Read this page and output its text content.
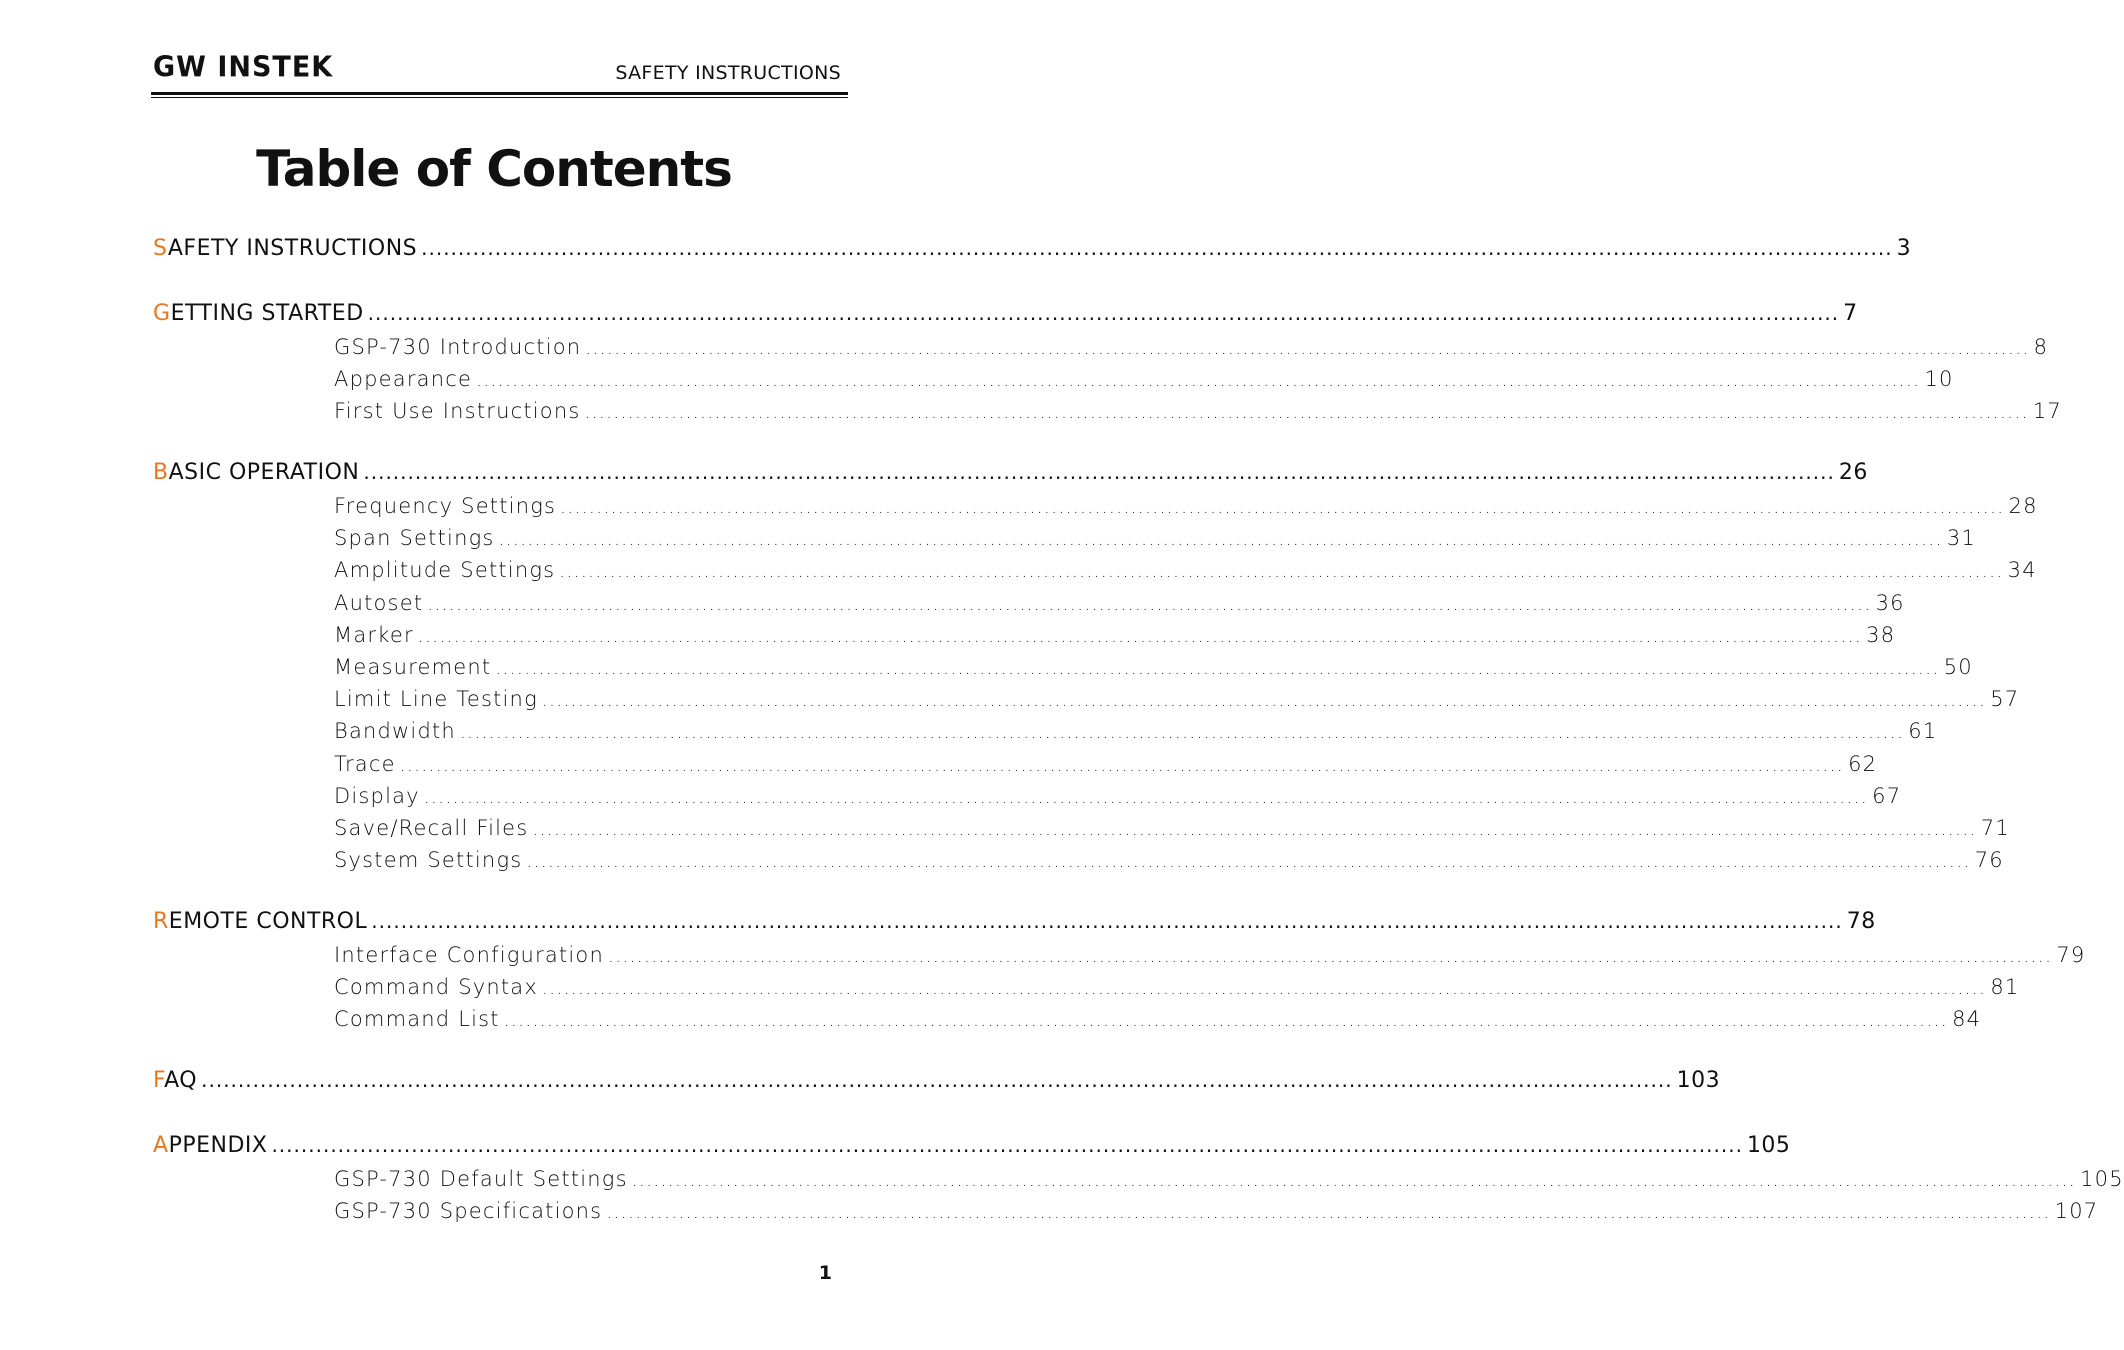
GW INSTEK	SAFETY INSTRUCTIONS
Table of Contents
SAFETY INSTRUCTIONS ........................................................................................................................................................................................................ 3
GETTING STARTED ........................................................................................................................................................................................................ 7
GSP-730 Introduction ........................................................................................................................................................................................................ 8
Appearance ........................................................................................................................................................................................................ 10
First Use Instructions ........................................................................................................................................................................................................ 17
BASIC OPERATION ........................................................................................................................................................................................................ 26
Frequency Settings ........................................................................................................................................................................................................ 28
Span Settings ........................................................................................................................................................................................................ 31
Amplitude Settings ........................................................................................................................................................................................................ 34
Autoset ........................................................................................................................................................................................................ 36
Marker ........................................................................................................................................................................................................ 38
Measurement ........................................................................................................................................................................................................ 50
Limit Line Testing ........................................................................................................................................................................................................ 57
Bandwidth ........................................................................................................................................................................................................ 61
Trace ........................................................................................................................................................................................................ 62
Display ........................................................................................................................................................................................................ 67
Save/Recall Files ........................................................................................................................................................................................................ 71
System Settings ........................................................................................................................................................................................................ 76
REMOTE CONTROL ........................................................................................................................................................................................................ 78
Interface Configuration ........................................................................................................................................................................................................ 79
Command Syntax ........................................................................................................................................................................................................ 81
Command List ........................................................................................................................................................................................................ 84
FAQ ........................................................................................................................................................................................................ 103
APPENDIX ........................................................................................................................................................................................................ 105
GSP-730 Default Settings ........................................................................................................................................................................................................ 105
GSP-730 Specifications ........................................................................................................................................................................................................ 107
1
